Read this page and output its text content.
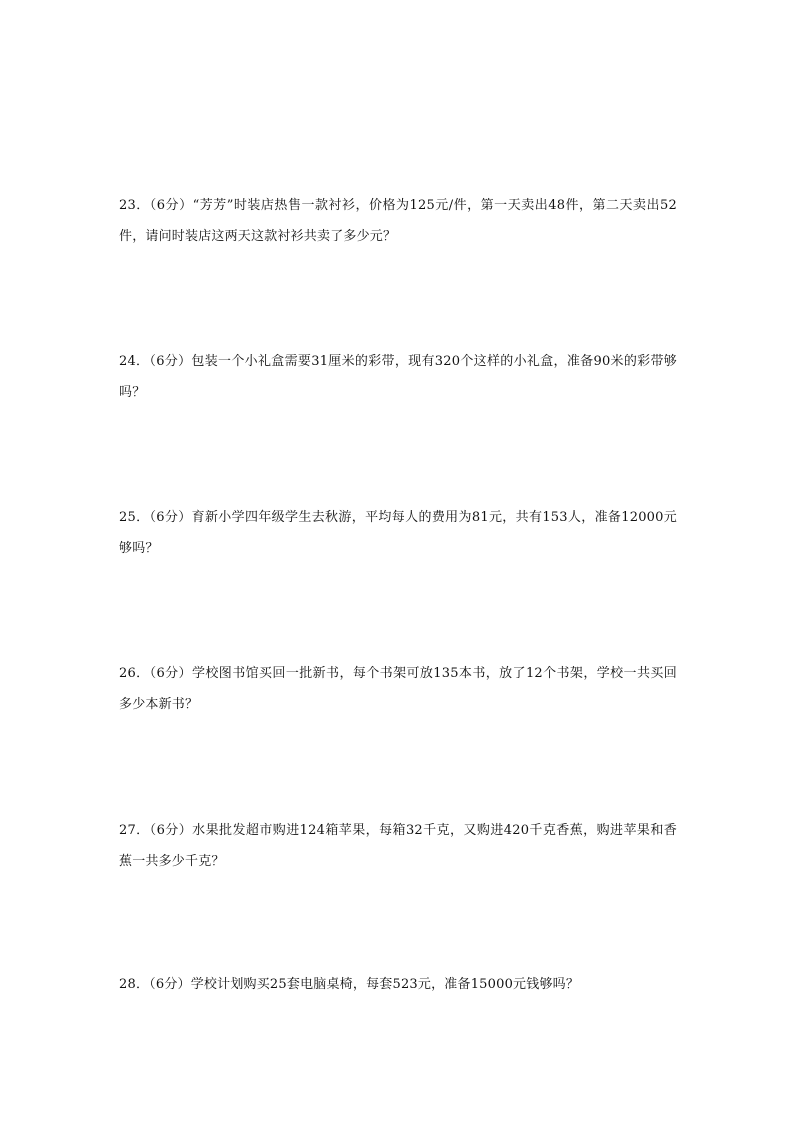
23．（6分）“芳芳”时装店热售一款衬衫，价格为125元/件，第一天卖出48件，第二天卖出52件，请问时装店这两天这款衬衫共卖了多少元？
24．（6分）包装一个小礼盒需要31厘米的彩带，现有320个这样的小礼盒，准备90米的彩带够吗？
25．（6分）育新小学四年级学生去秋游，平均每人的费用为81元，共有153人，准备12000元够吗？
26．（6分）学校图书馆买回一批新书，每个书架可放135本书，放了12个书架，学校一共买回多少本新书？
27．（6分）水果批发超市购进124箱苹果，每箱32千克，又购进420千克香蕉，购进苹果和香蕉一共多少千克？
28．（6分）学校计划购买25套电脑桌椅，每套523元，准备15000元钱够吗？
